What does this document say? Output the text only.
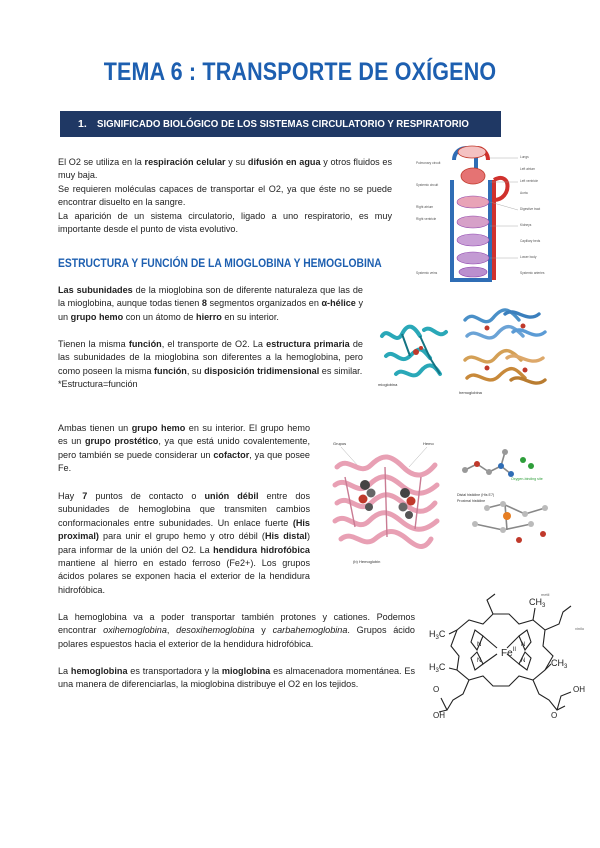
TEMA 6 : TRANSPORTE DE OXÍGENO
1. SIGNIFICADO BIOLÓGICO DE LOS SISTEMAS CIRCULATORIO Y RESPIRATORIO

El O2 se utiliza en la respiración celular y su difusión en agua y otros fluidos es muy baja.

Se requieren moléculas capaces de transportar el O2, ya que éste no se puede encontrar disuelto en la sangre.

La aparición de un sistema circulatorio, ligado a uno respiratorio, es muy importante desde el punto de vista evolutivo.

ESTRUCTURA Y FUNCIÓN DE LA MIOGLOBINA Y HEMOGLOBINA

Las subunidades de la mioglobina son de diferente naturaleza que las de la mioglobina, aunque todas tienen 8 segmentos organizados en α-hélice y un grupo hemo con un átomo de hierro en su interior.

Tienen la misma función, el transporte de O2. La estructura primaria de las subunidades de la mioglobina son diferentes a la hemoglobina, pero como poseen la misma función, su disposición tridimensional es similar.
*Estructura=función

Ambas tienen un grupo hemo en su interior. El grupo hemo es un grupo prostético, ya que está unido covalentemente, pero también se puede considerar un cofactor, ya que posee Fe.

Hay 7 puntos de contacto o unión débil entre dos subunidades de hemoglobina que transmiten cambios conformacionales entre subunidades. Un enlace fuerte (His proximal) para unir el grupo hemo y otro débil (His distal) para informar de la unión del O2. La hendidura hidrofóbica mantiene al hierro en estado ferroso (Fe2+). Los grupos ácidos polares se exponen hacia el exterior de la hendidura hidrofóbica.

La hemoglobina va a poder transportar también protones y cationes. Podemos encontrar oxihemoglobina, desoxihemoglobina y carbahemoglobina. Grupos ácido polares espuestos hacia el exterior de la hendidura hidrofóbica.

La hemoglobina es transportadora y la mioglobina es almacenadora momentánea. Es una manera de diferenciarlas, la mioglobina distribuye el O2 en los tejidos.

Pulmonary circuit
Systemic circuit
Right atrium
Right ventricle
Lungs
Left atrium
Left ventricle
Aorta
Digestive tract
Kidneys
Capillary beds
Lower body
Systemic arteries
Systemic veins
mioglobina
hemoglobina
Grupos	Hemo
(b) Hemoglobin
Distal histidine (His E7)
Proximal histidine
Oxygen-binding site
$H_3C$
$H_3C$
$CH_3$
$CH_3$
$Fe^{II}$
OH
O
O
OH
metil
vinilo
N	N
N	N
